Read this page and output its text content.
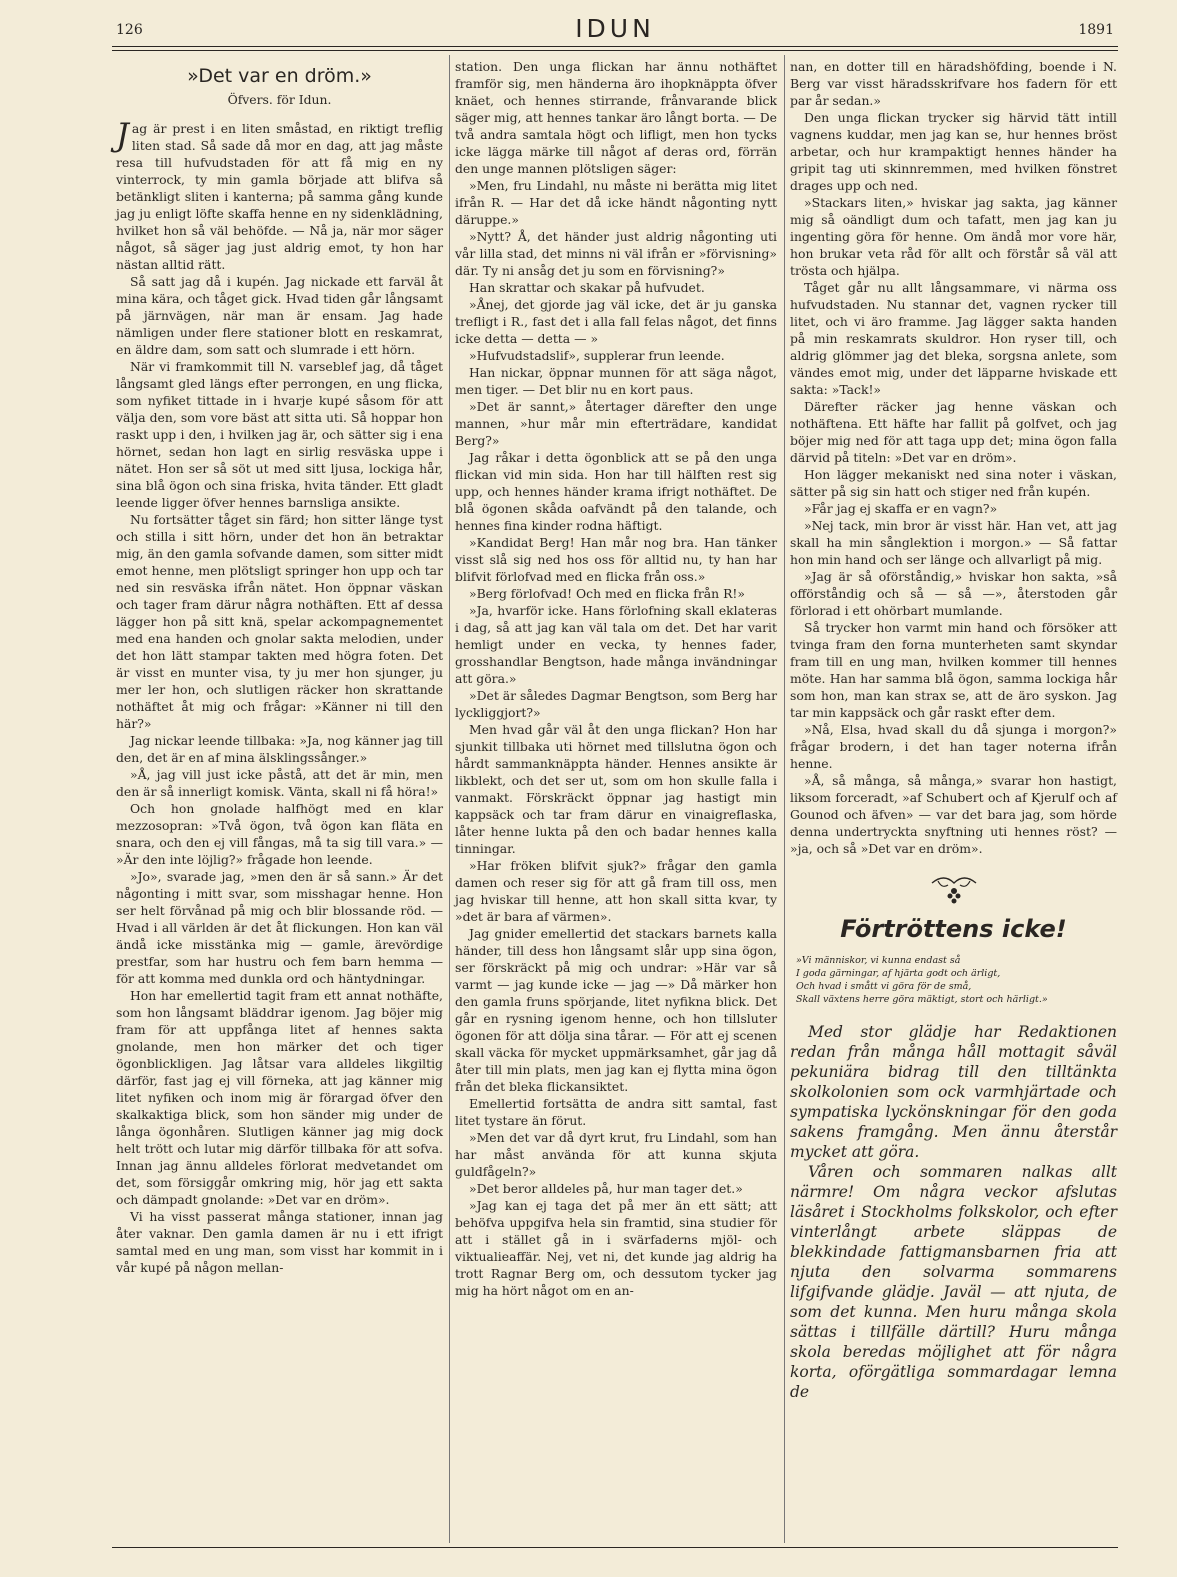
126	IDUN	1891
»Det var en dröm.»
Öfvers. för Idun.

Jag är prest i en liten småstad, en riktigt treflig liten stad. Så sade då mor en dag, att jag måste resa till hufvudstaden för att få mig en ny vinterrock, ty min gamla började att blifva så betänkligt sliten i kanterna; på samma gång kunde jag ju enligt löfte skaffa henne en ny sidenklädning, hvilket hon så väl behöfde. — Nå ja, när mor säger något, så säger jag just aldrig emot, ty hon har nästan alltid rätt.

Så satt jag då i kupén. Jag nickade ett farväl åt mina kära, och tåget gick. Hvad tiden går långsamt på järnvägen, när man är ensam. Jag hade nämligen under flere stationer blott en reskamrat, en äldre dam, som satt och slumrade i ett hörn.

När vi framkommit till N. varseblef jag, då tåget långsamt gled längs efter perrongen, en ung flicka, som nyfiket tittade in i hvarje kupé såsom för att välja den, som vore bäst att sitta uti. Så hoppar hon raskt upp i den, i hvilken jag är, och sätter sig i ena hörnet, sedan hon lagt en sirlig resväska uppe i nätet. Hon ser så söt ut med sitt ljusa, lockiga hår, sina blå ögon och sina friska, hvita tänder. Ett gladt leende ligger öfver hennes barnsliga ansikte.

Nu fortsätter tåget sin färd; hon sitter länge tyst och stilla i sitt hörn, under det hon än betraktar mig, än den gamla sofvande damen, som sitter midt emot henne, men plötsligt springer hon upp och tar ned sin resväska ifrån nätet. Hon öppnar väskan och tager fram därur några nothäften. Ett af dessa lägger hon på sitt knä, spelar ackompagnementet med ena handen och gnolar sakta melodien, under det hon lätt stampar takten med högra foten. Det är visst en munter visa, ty ju mer hon sjunger, ju mer ler hon, och slutligen räcker hon skrattande nothäftet åt mig och frågar: »Känner ni till den här?»

Jag nickar leende tillbaka: »Ja, nog känner jag till den, det är en af mina älsklingssånger.»

»Å, jag vill just icke påstå, att det är min, men den är så innerligt komisk. Vänta, skall ni få höra!»

Och hon gnolade halfhögt med en klar mezzosopran: »Två ögon, två ögon kan fläta en snara, och den ej vill fångas, må ta sig till vara.» — »Är den inte löjlig?» frågade hon leende.

»Jo», svarade jag, »men den är så sann.» Är det någonting i mitt svar, som misshagar henne. Hon ser helt förvånad på mig och blir blossande röd. — Hvad i all världen är det åt flickungen. Hon kan väl ändå icke misstänka mig — gamle, ärevördige prestfar, som har hustru och fem barn hemma — för att komma med dunkla ord och häntydningar.

Hon har emellertid tagit fram ett annat nothäfte, som hon långsamt bläddrar igenom. Jag böjer mig fram för att uppfånga litet af hennes sakta gnolande, men hon märker det och tiger ögonblickligen. Jag låtsar vara alldeles likgiltig därför, fast jag ej vill förneka, att jag känner mig litet nyfiken och inom mig är förargad öfver den skalkaktiga blick, som hon sänder mig under de långa ögonhåren. Slutligen känner jag mig dock helt trött och lutar mig därför tillbaka för att sofva. Innan jag ännu alldeles förlorat medvetandet om det, som försiggår omkring mig, hör jag ett sakta och dämpadt gnolande: »Det var en dröm».

Vi ha visst passerat många stationer, innan jag åter vaknar. Den gamla damen är nu i ett ifrigt samtal med en ung man, som visst har kommit in i vår kupé på någon mellan-

station. Den unga flickan har ännu nothäftet framför sig, men händerna äro ihopknäppta öfver knäet, och hennes stirrande, frånvarande blick säger mig, att hennes tankar äro långt borta. — De två andra samtala högt och lifligt, men hon tycks icke lägga märke till något af deras ord, förrän den unge mannen plötsligen säger:

»Men, fru Lindahl, nu måste ni berätta mig litet ifrån R. — Har det då icke händt någonting nytt däruppe.»

»Nytt? Å, det händer just aldrig någonting uti vår lilla stad, det minns ni väl ifrån er »förvisning» där. Ty ni ansåg det ju som en förvisning?»

Han skrattar och skakar på hufvudet.

»Ånej, det gjorde jag väl icke, det är ju ganska trefligt i R., fast det i alla fall felas något, det finns icke detta — detta — »

»Hufvudstadslif», supplerar frun leende.

Han nickar, öppnar munnen för att säga något, men tiger. — Det blir nu en kort paus.

»Det är sannt,» återtager därefter den unge mannen, »hur mår min efterträdare, kandidat Berg?»

Jag råkar i detta ögonblick att se på den unga flickan vid min sida. Hon har till hälften rest sig upp, och hennes händer krama ifrigt nothäftet. De blå ögonen skåda oafvändt på den talande, och hennes fina kinder rodna häftigt.

»Kandidat Berg! Han mår nog bra. Han tänker visst slå sig ned hos oss för alltid nu, ty han har blifvit förlofvad med en flicka från oss.»

»Berg förlofvad! Och med en flicka från R!»

»Ja, hvarför icke. Hans förlofning skall eklateras i dag, så att jag kan väl tala om det. Det har varit hemligt under en vecka, ty hennes fader, grosshandlar Bengtson, hade många invändningar att göra.»

»Det är således Dagmar Bengtson, som Berg har lyckliggjort?»

Men hvad går väl åt den unga flickan? Hon har sjunkit tillbaka uti hörnet med tillslutna ögon och hårdt sammanknäppta händer. Hennes ansikte är likblekt, och det ser ut, som om hon skulle falla i vanmakt. Förskräckt öppnar jag hastigt min kappsäck och tar fram därur en vinaigreflaska, låter henne lukta på den och badar hennes kalla tinningar.

»Har fröken blifvit sjuk?» frågar den gamla damen och reser sig för att gå fram till oss, men jag hviskar till henne, att hon skall sitta kvar, ty »det är bara af värmen».

Jag gnider emellertid det stackars barnets kalla händer, till dess hon långsamt slår upp sina ögon, ser förskräckt på mig och undrar: »Här var så varmt — jag kunde icke — jag —» Då märker hon den gamla fruns spörjande, litet nyfikna blick. Det går en rysning igenom henne, och hon tillsluter ögonen för att dölja sina tårar. — För att ej scenen skall väcka för mycket uppmärksamhet, går jag då åter till min plats, men jag kan ej flytta mina ögon från det bleka flickansiktet.

Emellertid fortsätta de andra sitt samtal, fast litet tystare än förut.

»Men det var då dyrt krut, fru Lindahl, som han har måst använda för att kunna skjuta guldfågeln?»

»Det beror alldeles på, hur man tager det.»

»Jag kan ej taga det på mer än ett sätt; att behöfva uppgifva hela sin framtid, sina studier för att i stället gå in i svärfaderns mjöl- och viktualieaffär. Nej, vet ni, det kunde jag aldrig ha trott Ragnar Berg om, och dessutom tycker jag mig ha hört något om en an-

nan, en dotter till en häradshöfding, boende i N. Berg var visst häradsskrifvare hos fadern för ett par år sedan.»

Den unga flickan trycker sig härvid tätt intill vagnens kuddar, men jag kan se, hur hennes bröst arbetar, och hur krampaktigt hennes händer ha gripit tag uti skinnremmen, med hvilken fönstret drages upp och ned.

»Stackars liten,» hviskar jag sakta, jag känner mig så oändligt dum och tafatt, men jag kan ju ingenting göra för henne. Om ändå mor vore här, hon brukar veta råd för allt och förstår så väl att trösta och hjälpa.

Tåget går nu allt långsammare, vi närma oss hufvudstaden. Nu stannar det, vagnen rycker till litet, och vi äro framme. Jag lägger sakta handen på min reskamrats skuldror. Hon ryser till, och aldrig glömmer jag det bleka, sorgsna anlete, som vändes emot mig, under det läpparne hviskade ett sakta: »Tack!»

Därefter räcker jag henne väskan och nothäftena. Ett häfte har fallit på golfvet, och jag böjer mig ned för att taga upp det; mina ögon falla därvid på titeln: »Det var en dröm».

Hon lägger mekaniskt ned sina noter i väskan, sätter på sig sin hatt och stiger ned från kupén.

»Får jag ej skaffa er en vagn?»

»Nej tack, min bror är visst här. Han vet, att jag skall ha min sånglektion i morgon.» — Så fattar hon min hand och ser länge och allvarligt på mig.

»Jag är så oförståndig,» hviskar hon sakta, »så offörståndig och så — så —», återstoden går förlorad i ett ohörbart mumlande.

Så trycker hon varmt min hand och försöker att tvinga fram den forna munterheten samt skyndar fram till en ung man, hvilken kommer till hennes möte. Han har samma blå ögon, samma lockiga hår som hon, man kan strax se, att de äro syskon. Jag tar min kappsäck och går raskt efter dem.

»Nå, Elsa, hvad skall du då sjunga i morgon?» frågar brodern, i det han tager noterna ifrån henne.

»Å, så många, så många,» svarar hon hastigt, liksom forceradt, »af Schubert och af Kjerulf och af Gounod och äfven» — var det bara jag, som hörde denna undertryckta snyftning uti hennes röst? — »ja, och så »Det var en dröm».

Förtröttens icke!
»Vi människor, vi kunna endast så
I goda gärningar, af hjärta godt och ärligt,
Och hvad i smått vi göra för de små,
Skall växtens herre göra mäktigt, stort och härligt.»

Med stor glädje har Redaktionen redan från många håll mottagit såväl pekuniära bidrag till den tilltänkta skolkolonien som ock varmhjärtade och sympatiska lyckönskningar för den goda sakens framgång. Men ännu återstår mycket att göra.

Våren och sommaren nalkas allt närmre! Om några veckor afslutas läsåret i Stockholms folkskolor, och efter vinterlångt arbete släppas de blekkindade fattigmansbarnen fria att njuta den solvarma sommarens lifgifvande glädje. Javäl — att njuta, de som det kunna. Men huru många skola sättas i tillfälle därtill? Huru många skola beredas möjlighet att för några korta, oförgätliga sommardagar lemna de
